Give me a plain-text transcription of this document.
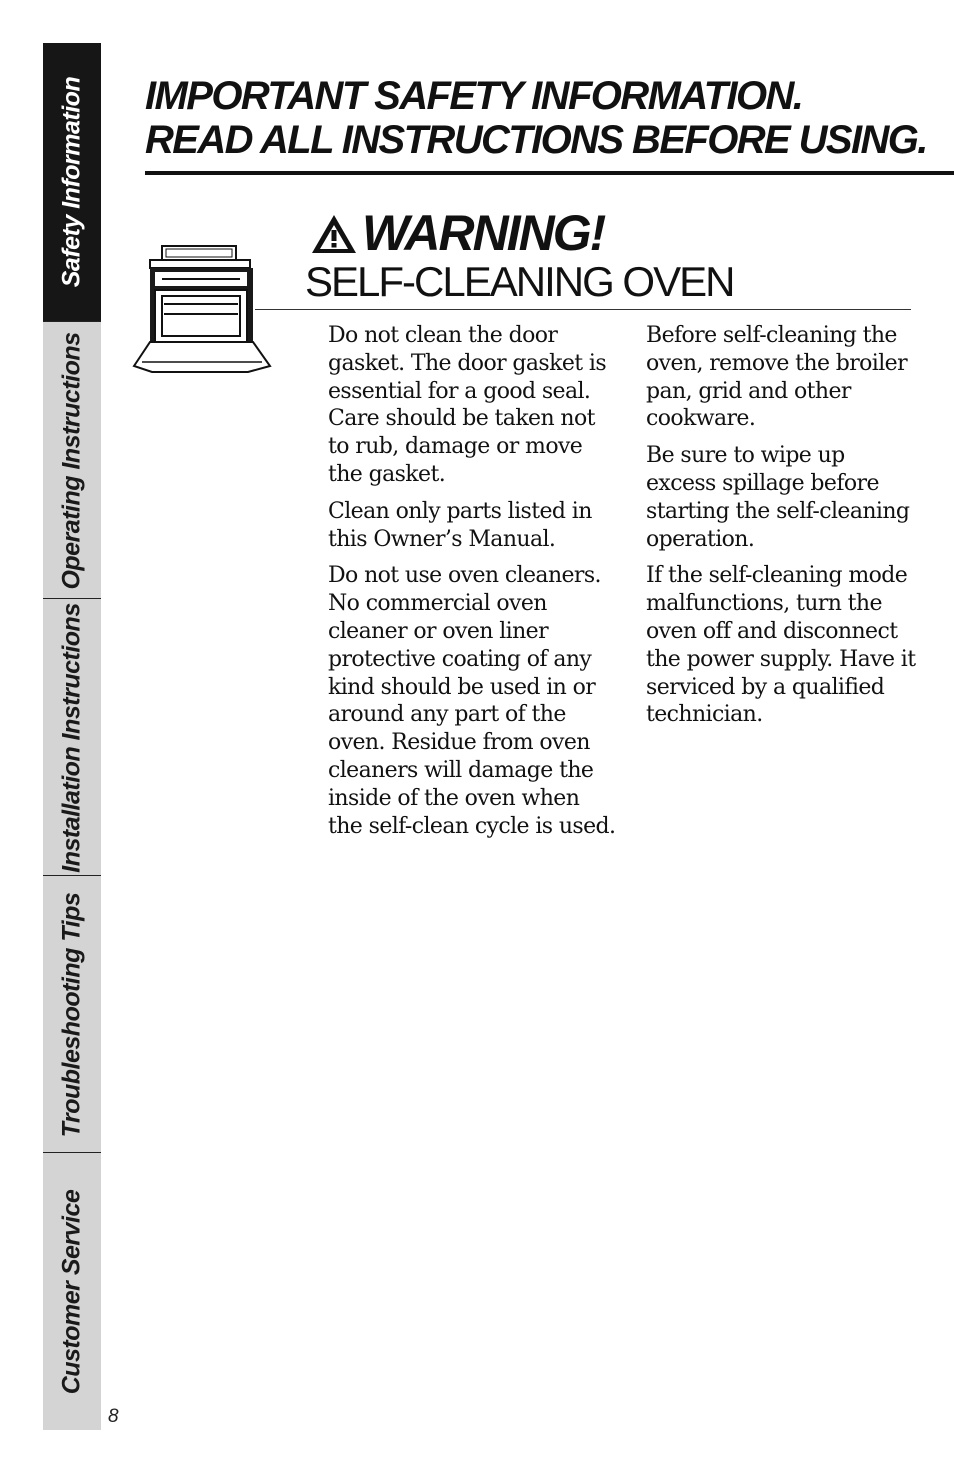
Safety Information
Operating Instructions
Installation Instructions
Troubleshooting Tips
Customer Service
8
IMPORTANT SAFETY INFORMATION.
READ ALL INSTRUCTIONS BEFORE USING.
WARNING!
SELF-CLEANING OVEN

Do not clean the door gasket. The door gasket is essential for a good seal. Care should be taken not to rub, damage or move the gasket.

Clean only parts listed in this Owner’s Manual.

Do not use oven cleaners. No commercial oven cleaner or oven liner protective coating of any kind should be used in or around any part of the oven. Residue from oven cleaners will damage the inside of the oven when the self-clean cycle is used.

Before self-cleaning the oven, remove the broiler pan, grid and other cookware.

Be sure to wipe up excess spillage before starting the self-cleaning operation.

If the self-cleaning mode malfunctions, turn the oven off and disconnect the power supply. Have it serviced by a qualified technician.
